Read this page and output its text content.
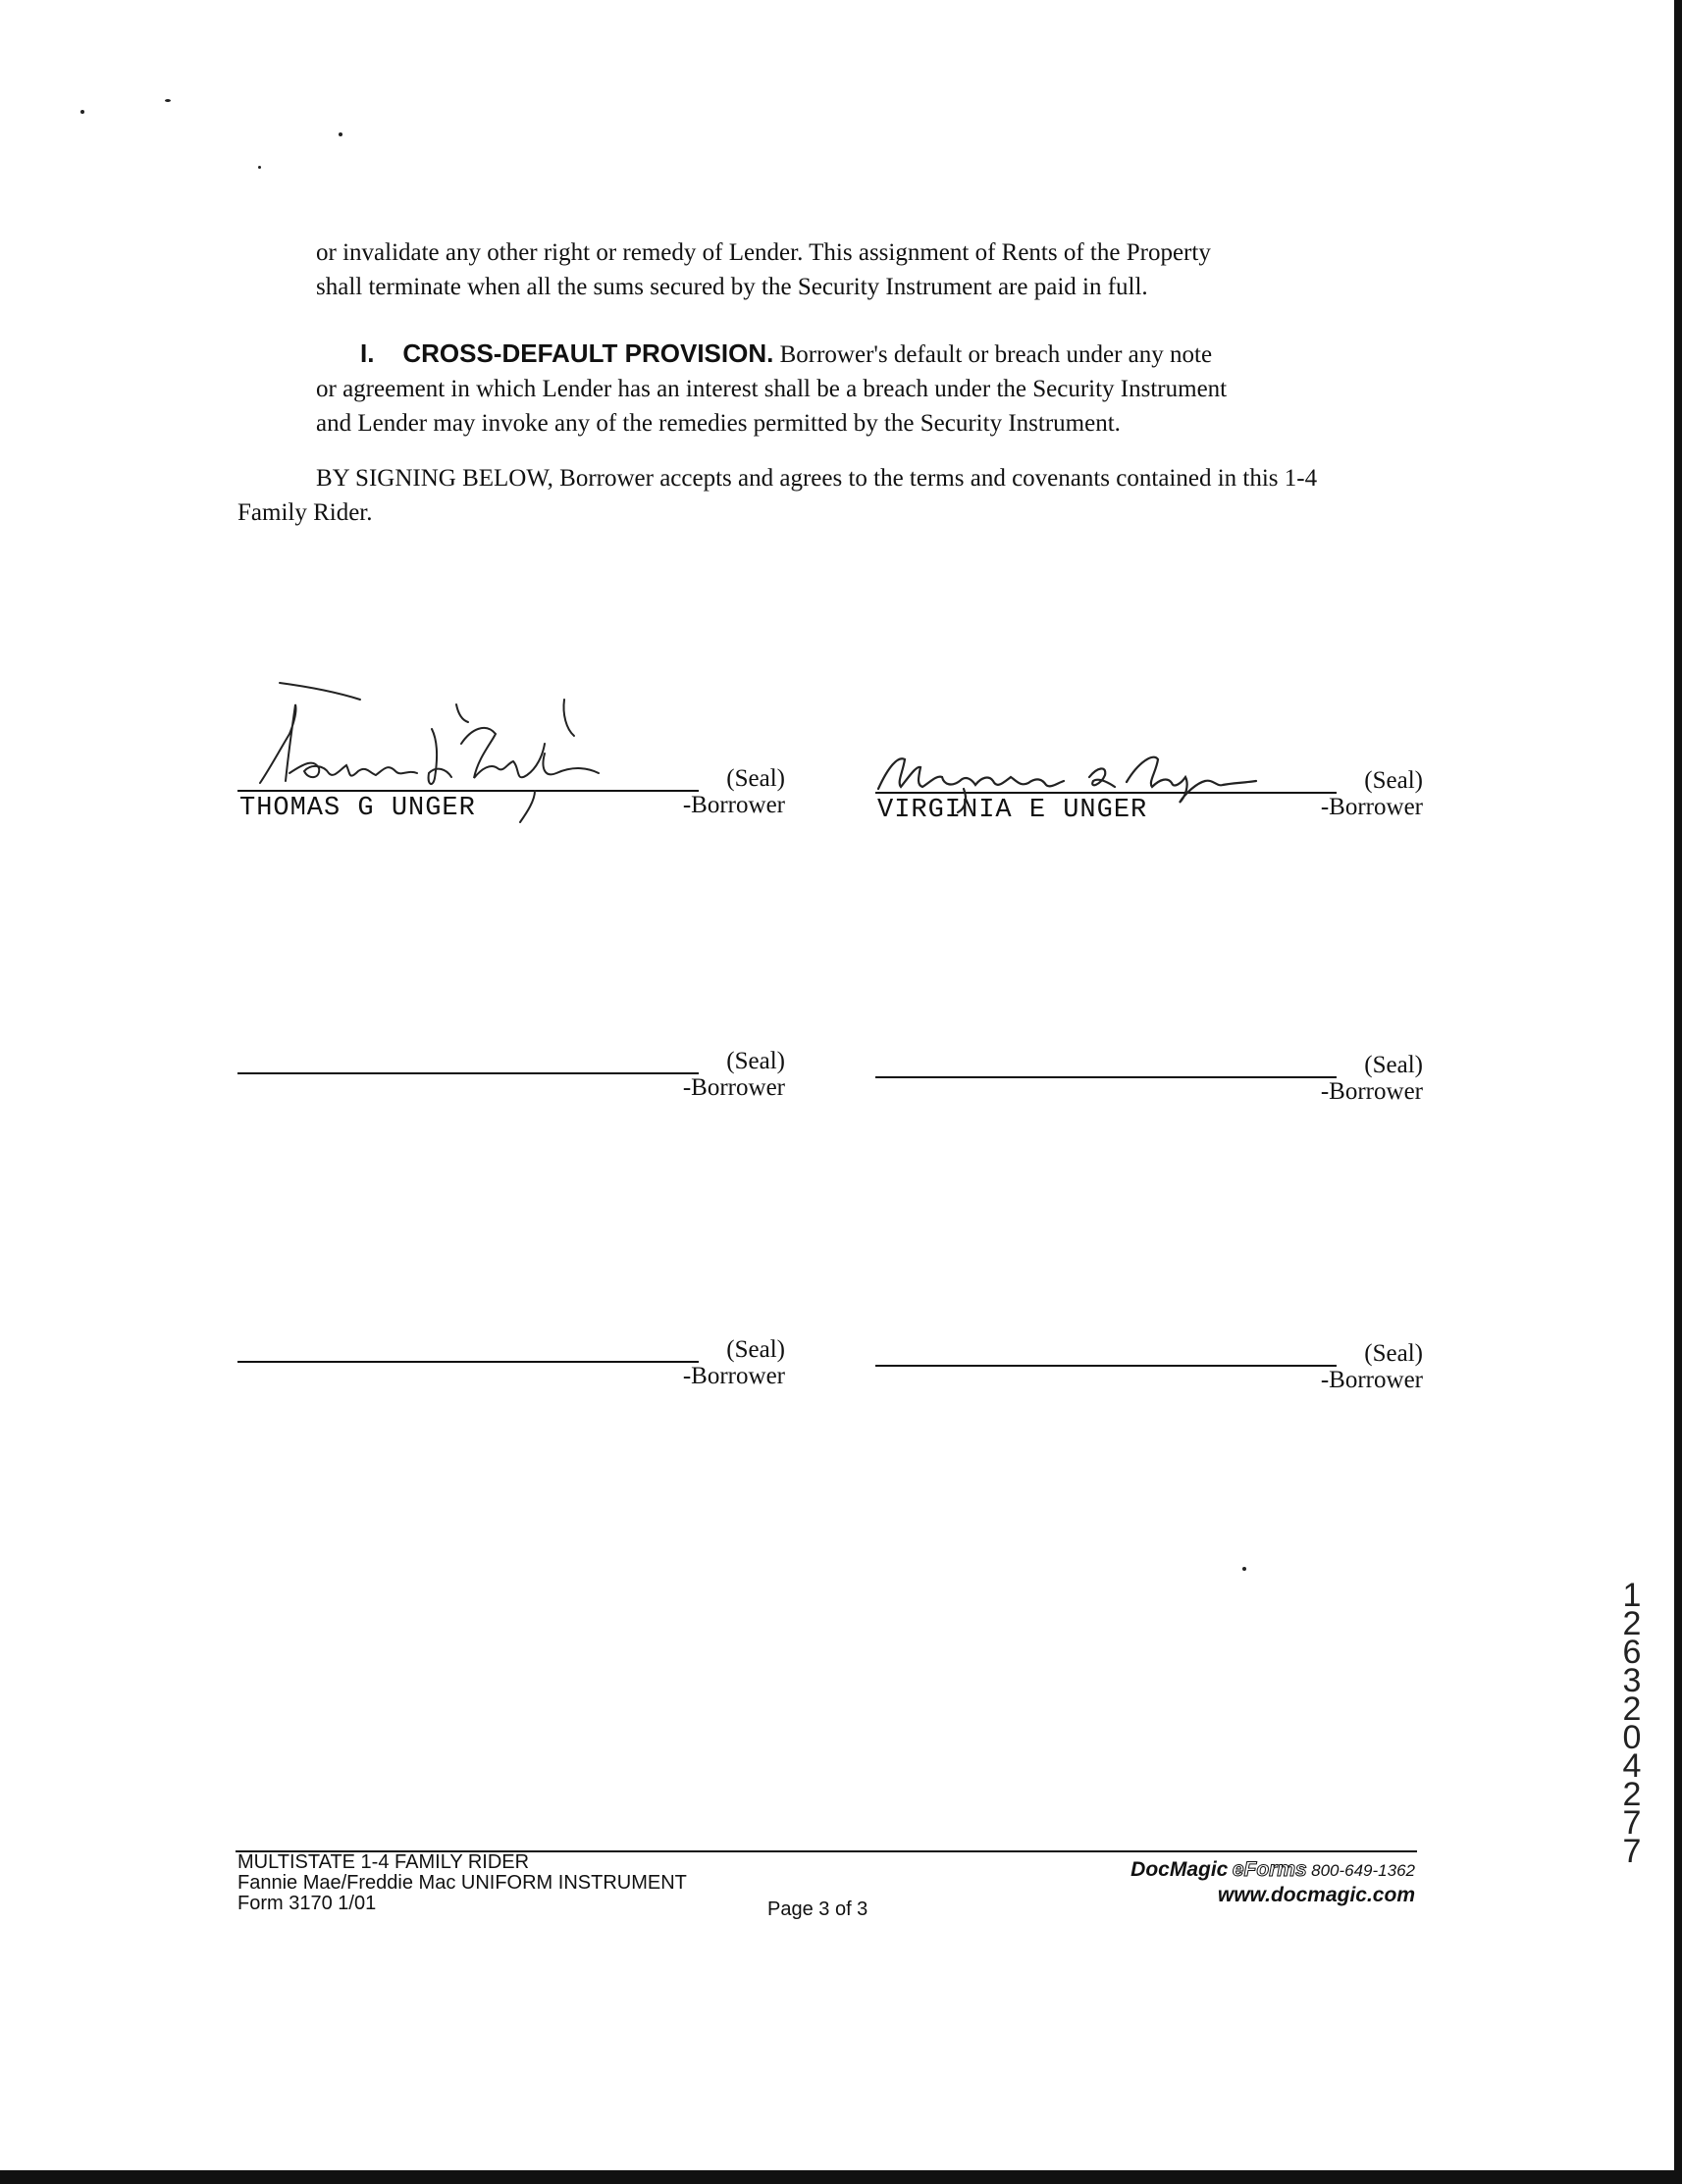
or invalidate any other right or remedy of Lender. This assignment of Rents of the Property
shall terminate when all the sums secured by the Security Instrument are paid in full.
I.    CROSS-DEFAULT PROVISION. Borrower's default or breach under any note
or agreement in which Lender has an interest shall be a breach under the Security Instrument
and Lender may invoke any of the remedies permitted by the Security Instrument.
BY SIGNING BELOW, Borrower accepts and agrees to the terms and covenants contained in this 1-4
Family Rider.
(Seal)
-Borrower
THOMAS G UNGER
(Seal)
-Borrower
VIRGINIA E UNGER
(Seal)
-Borrower
(Seal)
-Borrower
(Seal)
-Borrower
(Seal)
-Borrower
MULTISTATE 1-4 FAMILY RIDER
Fannie Mae/Freddie Mac UNIFORM INSTRUMENT
Form 3170 1/01	Page 3 of 3
DocMagic eForms 800-649-1362
www.docmagic.com
1263204277
